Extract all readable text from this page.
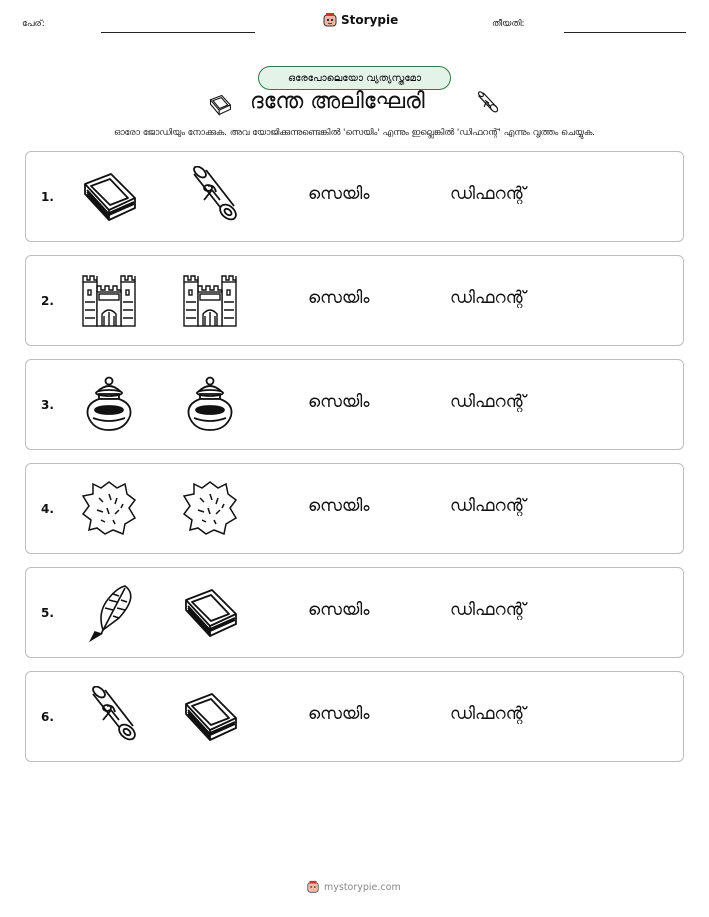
പേര്:	Storypie	തീയതി:
ഒരേപോലെയോ വ്യത്യസ്തമോ
ദന്തേ അലിഘേരി
ഓരോ ജോഡിയും നോക്കുക. അവ യോജിക്കുന്നുണ്ടെങ്കിൽ 'സെയിം' എന്നും ഇല്ലെങ്കിൽ 'ഡിഫറന്റ്' എന്നും വൃത്തം ചെയ്യുക.
1.	സെയിം	ഡിഫറന്റ്
2.	സെയിം	ഡിഫറന്റ്
3.	സെയിം	ഡിഫറന്റ്
4.	സെയിം	ഡിഫറന്റ്
5.	സെയിം	ഡിഫറന്റ്
6.	സെയിം	ഡിഫറന്റ്
mystorypie.com
